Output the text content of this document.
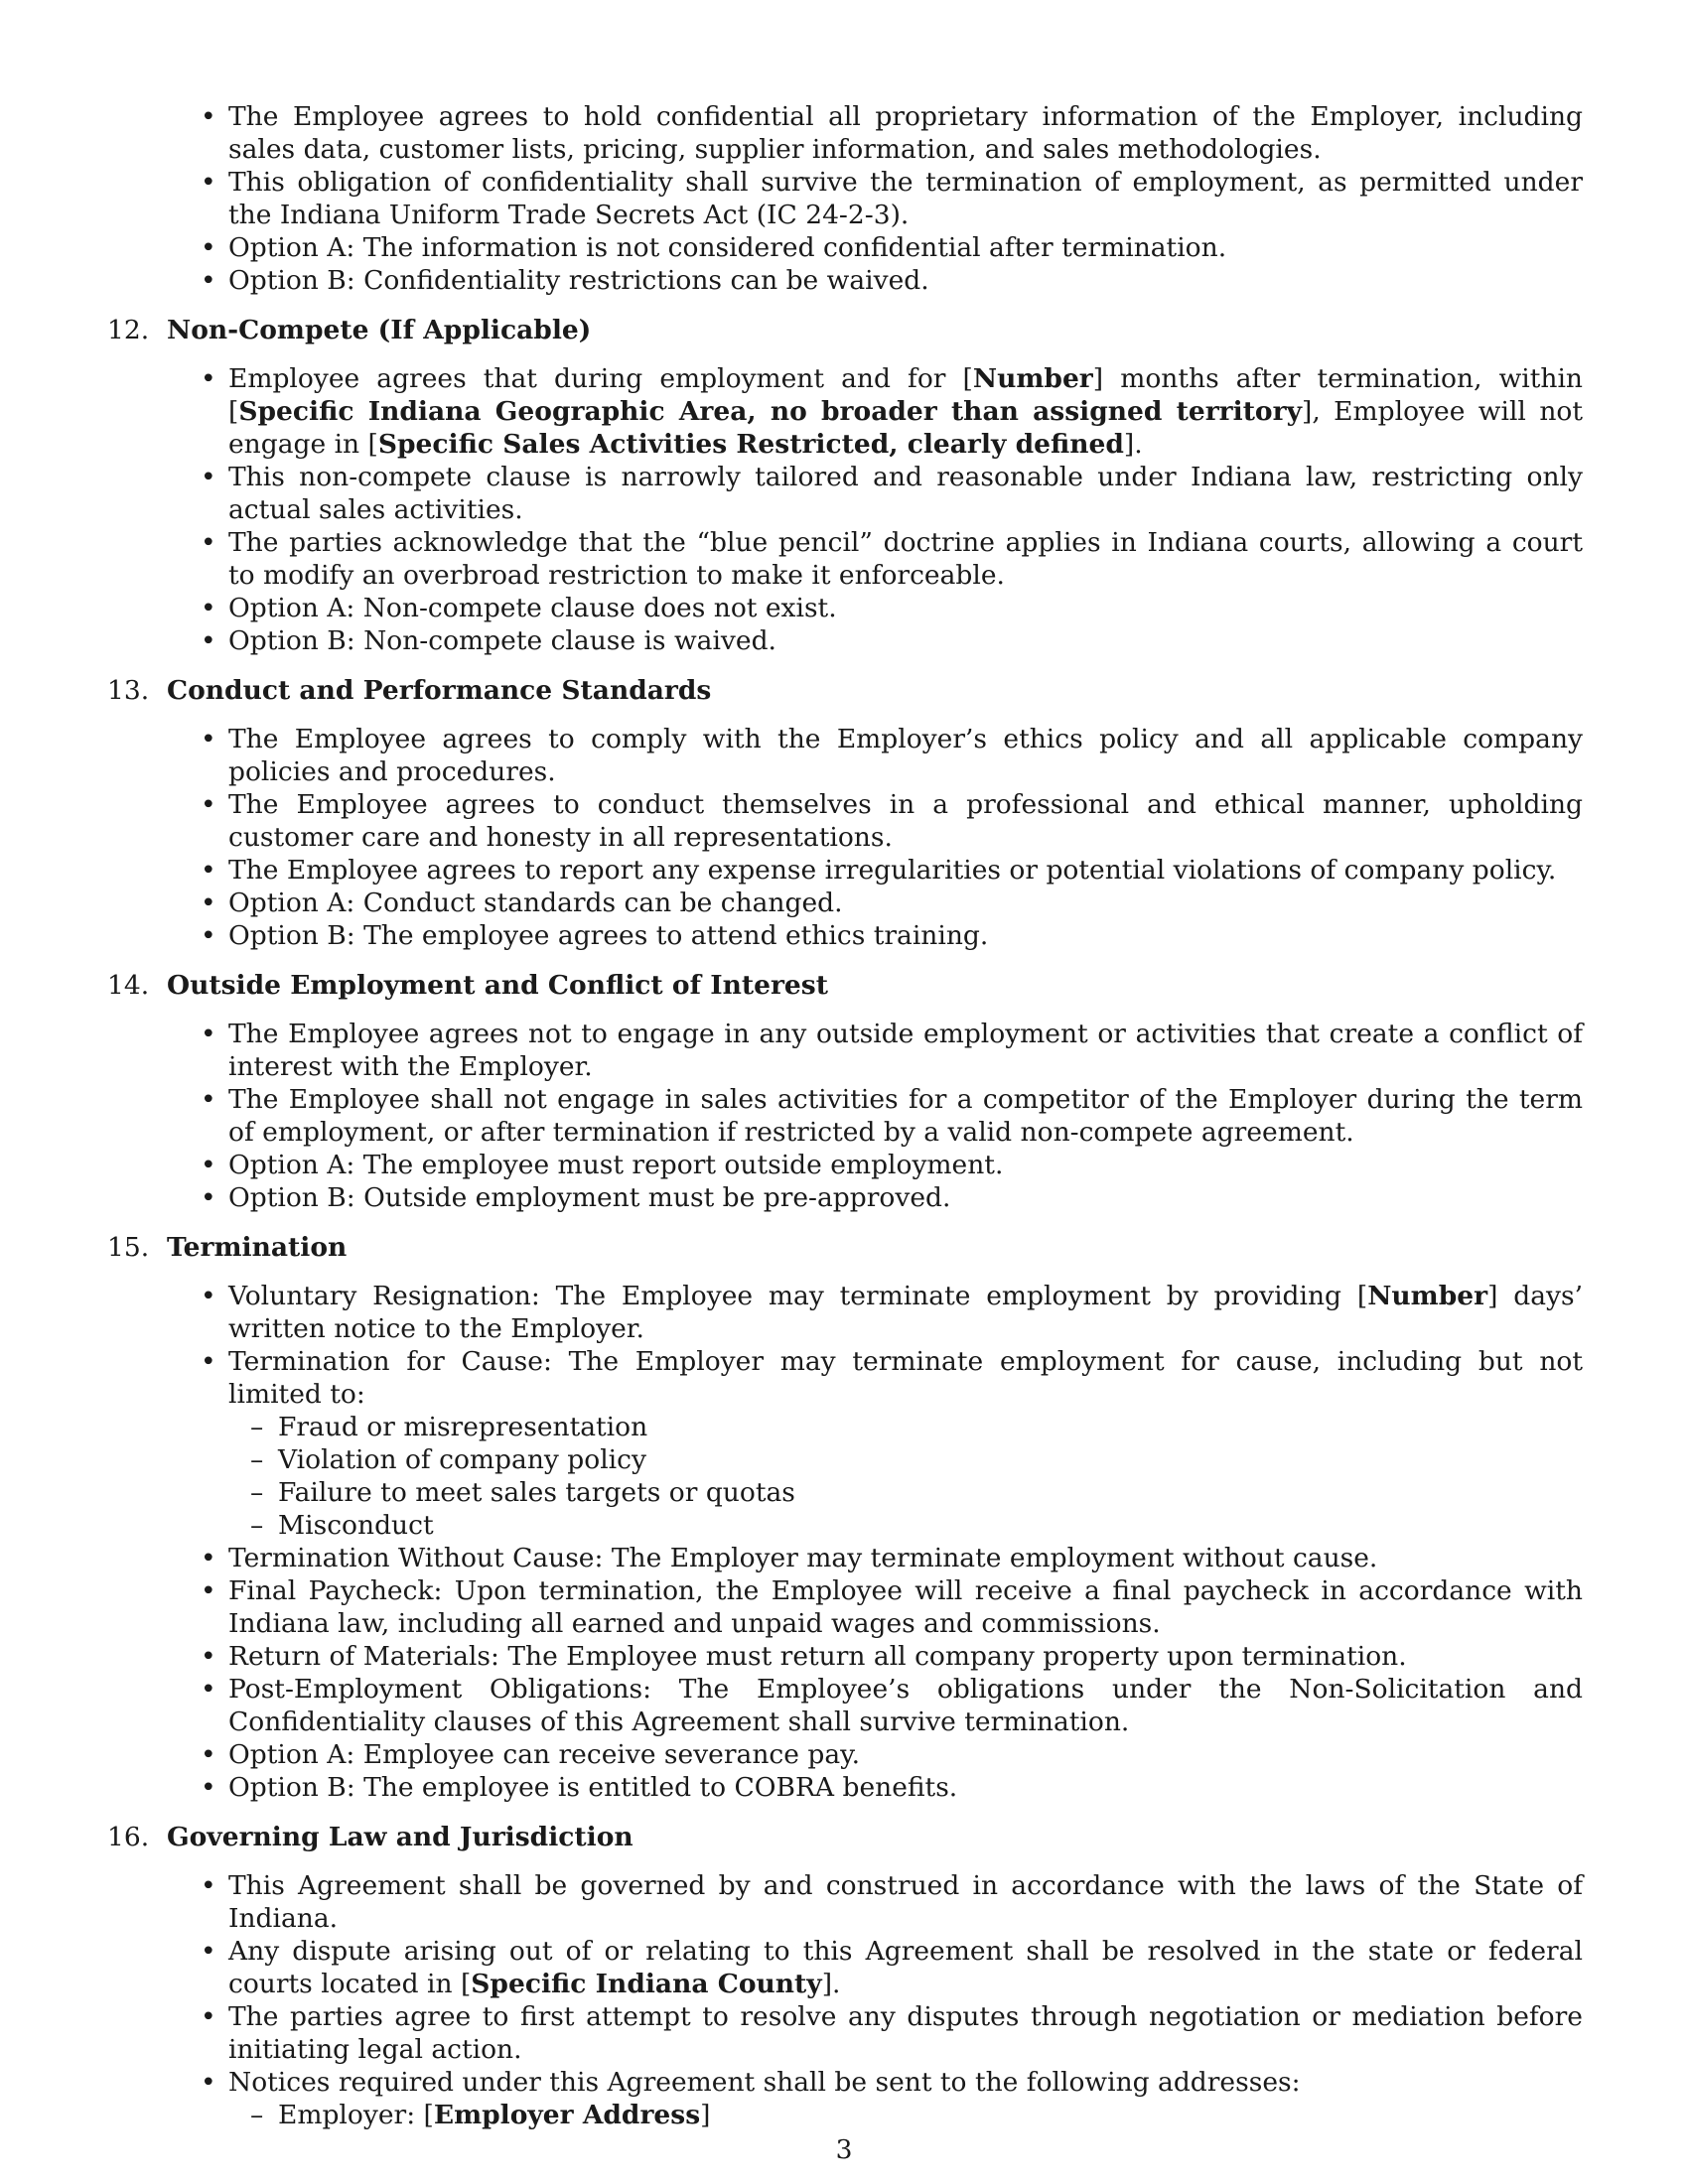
• The Employee agrees to hold confidential all proprietary information of the Employer, including sales data, customer lists, pricing, supplier information, and sales methodologies.
• This obligation of confidentiality shall survive the termination of employment, as permitted under the Indiana Uniform Trade Secrets Act (IC 24-2-3).
• Option A: The information is not considered confidential after termination.
• Option B: Confidentiality restrictions can be waived.
12. Non-Compete (If Applicable)
• Employee agrees that during employment and for [Number] months after termination, within [Specific Indiana Geographic Area, no broader than assigned territory], Employee will not engage in [Specific Sales Activities Restricted, clearly defined].
• This non-compete clause is narrowly tailored and reasonable under Indiana law, restricting only actual sales activities.
• The parties acknowledge that the “blue pencil” doctrine applies in Indiana courts, allowing a court to modify an overbroad restriction to make it enforceable.
• Option A: Non-compete clause does not exist.
• Option B: Non-compete clause is waived.
13. Conduct and Performance Standards
• The Employee agrees to comply with the Employer’s ethics policy and all applicable company policies and procedures.
• The Employee agrees to conduct themselves in a professional and ethical manner, upholding customer care and honesty in all representations.
• The Employee agrees to report any expense irregularities or potential violations of company policy.
• Option A: Conduct standards can be changed.
• Option B: The employee agrees to attend ethics training.
14. Outside Employment and Conflict of Interest
• The Employee agrees not to engage in any outside employment or activities that create a conflict of interest with the Employer.
• The Employee shall not engage in sales activities for a competitor of the Employer during the term of employment, or after termination if restricted by a valid non-compete agreement.
• Option A: The employee must report outside employment.
• Option B: Outside employment must be pre-approved.
15. Termination
• Voluntary Resignation: The Employee may terminate employment by providing [Number] days’ written notice to the Employer.
• Termination for Cause: The Employer may terminate employment for cause, including but not limited to:
– Fraud or misrepresentation
– Violation of company policy
– Failure to meet sales targets or quotas
– Misconduct
• Termination Without Cause: The Employer may terminate employment without cause.
• Final Paycheck: Upon termination, the Employee will receive a final paycheck in accordance with Indiana law, including all earned and unpaid wages and commissions.
• Return of Materials: The Employee must return all company property upon termination.
• Post-Employment Obligations: The Employee’s obligations under the Non-Solicitation and Confidentiality clauses of this Agreement shall survive termination.
• Option A: Employee can receive severance pay.
• Option B: The employee is entitled to COBRA benefits.
16. Governing Law and Jurisdiction
• This Agreement shall be governed by and construed in accordance with the laws of the State of Indiana.
• Any dispute arising out of or relating to this Agreement shall be resolved in the state or federal courts located in [Specific Indiana County].
• The parties agree to first attempt to resolve any disputes through negotiation or mediation before initiating legal action.
• Notices required under this Agreement shall be sent to the following addresses:
– Employer: [Employer Address]
3
